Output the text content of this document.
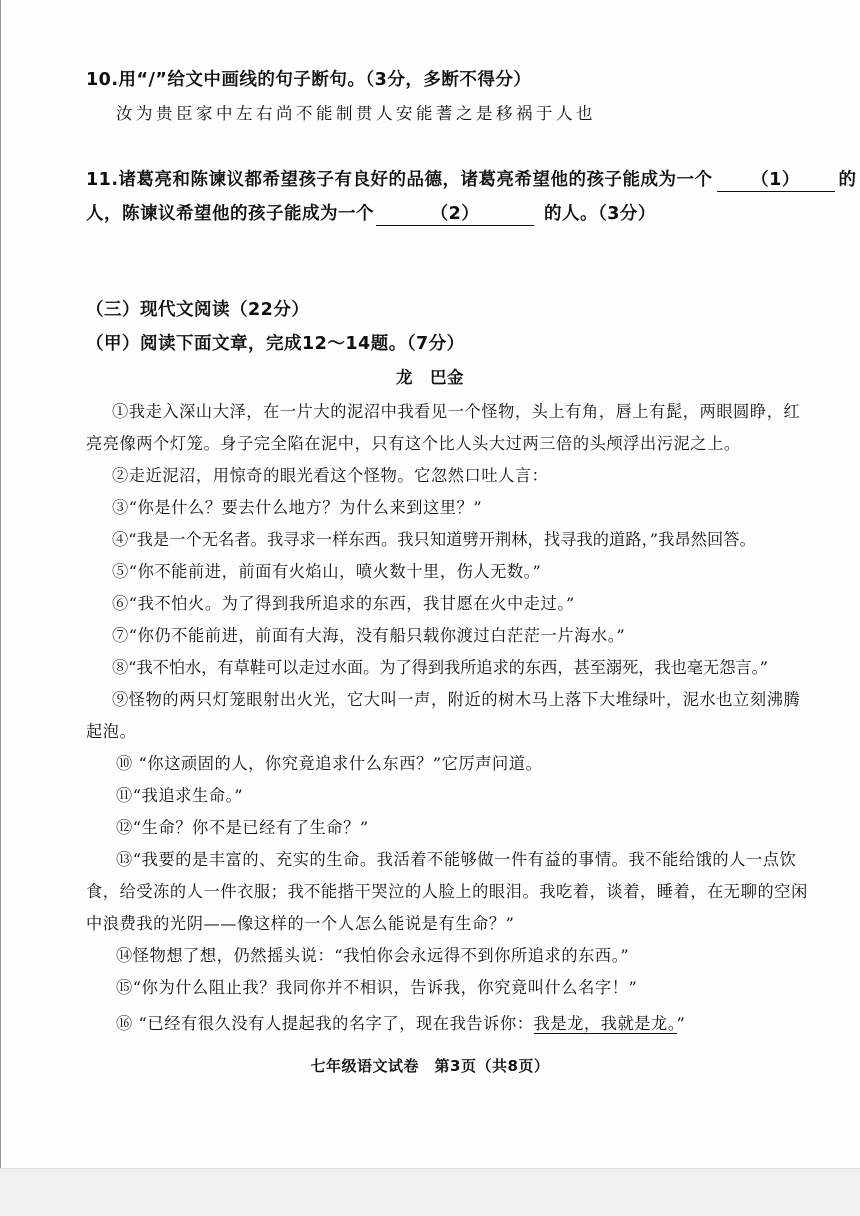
10.用“/”给文中画线的句子断句。（3分，多断不得分）
汝为贵臣家中左右尚不能制贯人安能蓍之是移祸于人也
11.诸葛亮和陈谏议都希望孩子有良好的品德，诸葛亮希望他的孩子能成为一个 （1） 的
人，陈谏议希望他的孩子能成为一个	（2）	的人。（3分）
（三）现代文阅读（22分）
（甲）阅读下面文章，完成12～14题。（7分）
龙　巴金
①我走入深山大泽，在一片大的泥沼中我看见一个怪物，头上有角，唇上有髭，两眼圆睁，红
亮亮像两个灯笼。身子完全陷在泥中，只有这个比人头大过两三倍的头颅浮出污泥之上。
②走近泥沼，用惊奇的眼光看这个怪物。它忽然口吐人言：
③“你是什么？要去什么地方？为什么来到这里？”
④“我是一个无名者。我寻求一样东西。我只知道劈开荆林，找寻我的道路，”我昂然回答。
⑤“你不能前进，前面有火焰山，喷火数十里，伤人无数。”
⑥“我不怕火。为了得到我所追求的东西，我甘愿在火中走过。”
⑦“你仍不能前进，前面有大海，没有船只载你渡过白茫茫一片海水。”
⑧“我不怕水，有草鞋可以走过水面。为了得到我所追求的东西，甚至溺死，我也毫无怨言。”
⑨怪物的两只灯笼眼射出火光，它大叫一声，附近的树木马上落下大堆绿叶，泥水也立刻沸腾
起泡。
⑩ “你这顽固的人，你究竟追求什么东西？”它厉声问道。
⑪“我追求生命。”
⑫“生命？你不是已经有了生命？”
⑬“我要的是丰富的、充实的生命。我活着不能够做一件有益的事情。我不能给饿的人一点饮
食，给受冻的人一件衣服；我不能揩干哭泣的人脸上的眼泪。我吃着，谈着，睡着，在无聊的空闲
中浪费我的光阴——像这样的一个人怎么能说是有生命？”
⑭怪物想了想，仍然摇头说：“我怕你会永远得不到你所追求的东西。”
⑮“你为什么阻止我？我同你并不相识，告诉我，你究竟叫什么名字！”
⑯ “已经有很久没有人提起我的名字了，现在我告诉你：我是龙，我就是龙。”
七年级语文试卷　第3页（共8页）
